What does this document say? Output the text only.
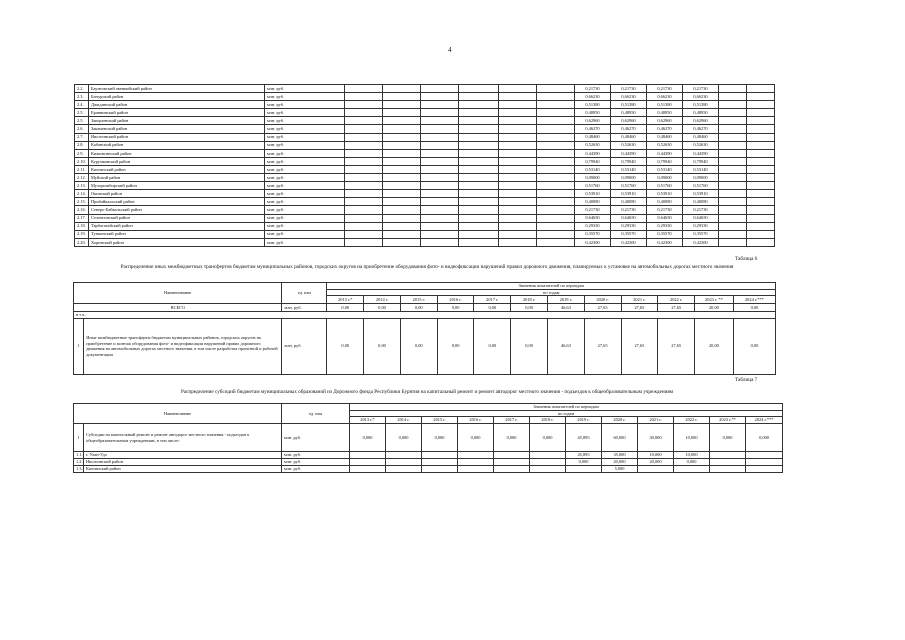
4
2.2.	Баунтовский эвенкийский район	млн. руб.							0,21730	0,21730	0,21730	0,21730		
2.3.	Бичурский район	млн. руб.							0,66230	0,66230	0,66230	0,66230		
2.4.	Джидинский район	млн. руб.							0,51380	0,51380	0,51380	0,51380		
2.5.	Еравнинский район	млн. руб.							0,48950	0,48950	0,48950	0,48950		
2.5.	Заиграевский район	млн. руб.							0,62960	0,62960	0,62960	0,62960		
2.6.	Закаменский район	млн. руб.							0,46270	0,46270	0,46270	0,46270		
2.7.	Иволгинский район	млн. руб.							0,48460	0,48460	0,48460	0,48460		
2.8.	Кабанский район	млн. руб.							0,52630	0,52630	0,52630	0,52630		
2.9.	Кижингинский район	млн. руб.							0,44390	0,44390	0,44390	0,44390		
2.10.	Курумканский район	млн. руб.							0,79940	0,79940	0,79940	0,79940		
2.11.	Кяхтинский район	млн. руб.							0,53140	0,53140	0,53140	0,53140		
2.12.	Муйский район	млн. руб.							0,09000	0,09000	0,09000	0,09000		
2.13.	Мухоршибирский район	млн. руб.							0,51760	0,51760	0,51760	0,51760		
2.14.	Окинский район	млн. руб.							0,53910	0,53910	0,53910	0,53910		
2.15.	Прибайкальский район	млн. руб.							0,40080	0,40080	0,40080	0,40080		
2.16.	Северо-Байкальский район	млн. руб.							0,21730	0,21730	0,21730	0,21730		
2.17.	Селенгинский район	млн. руб.							0,64650	0,64650	0,64650	0,64650		
2.18.	Тарбагатайский район	млн. руб.							0,29330	0,29330	0,29330	0,29330		
2.19.	Тункинский район	млн. руб.							0,35570	0,35570	0,35570	0,35570		
2.20.	Хоринский район	млн. руб.							0,42300	0,42300	0,42300	0,42300		
Таблица 6
Распределение иных межбюджетных трансфертов бюджетам муниципальных районов, городских округов на приобретение оборудования фото- и видеофиксации нарушений правил дорожного движения, планируемых к установке на автомобильных дорогах местного значения
Наименование		ед. изм	Значения показателей по периодам											
			по годам											
			2013 г.*	2014 г.	2015 г.	2016 г.	2017 г.	2018 г.	2019 г.	2020 г.	2021 г.	2022 г.	2023 г. **	2024 г.***
ВСЕГО		млн. руб.	0,00	0,00	0,00	0,00	0,00	0,00	46,63	27,65	27,65	27,65	20,00	0,00
в т.ч.:														
1	Иные межбюджетные трансферты бюджетам муниципальных районов, городских округов на приобретение и монтаж оборудования фото- и видеофиксации нарушений правил дорожного движения на автомобильных дорогах местного значения, в том числе разработка проектной и рабочей документации	млн. руб.	0,00	0,00	0,00	0,00	0,00	0,00	46,63	27,65	27,65	27,65	20,00	0,00
Таблица 7
Распределение субсидий бюджетам муниципальных образований из Дорожного фонда Республики Бурятия на капитальный ремонт и ремонт автодорог местного значения - подъездов к общеобразовательным учреждениям
Наименование		ед. изм	Значения показателей по периодам											
			по годам											
			2013 г.*	2014 г.	2015 г.	2016 г.	2017 г.	2018 г.	2019 г.	2020 г.	2021 г.	2022 г.	2023 г.**	2024 г.***
1	Субсидии на капитальный ремонт и ремонт автодорог местного значения - подъездов к общеобразовательным учреждениям, в том числе:	млн. руб.	0,000	0,000	0,000	0,000	0,000	0,000	45,895	60,000	30,000	10,000	0,000	0,000
1.1.	г. Улан-Удэ	млн. руб.							45,895	35,000	10,000	10,000		
1.2.	Иволгинский район	млн. руб.							0,000	20,000	20,000	0,000		
1.3.	Кяхтинский район	млн. руб.								5,000				
